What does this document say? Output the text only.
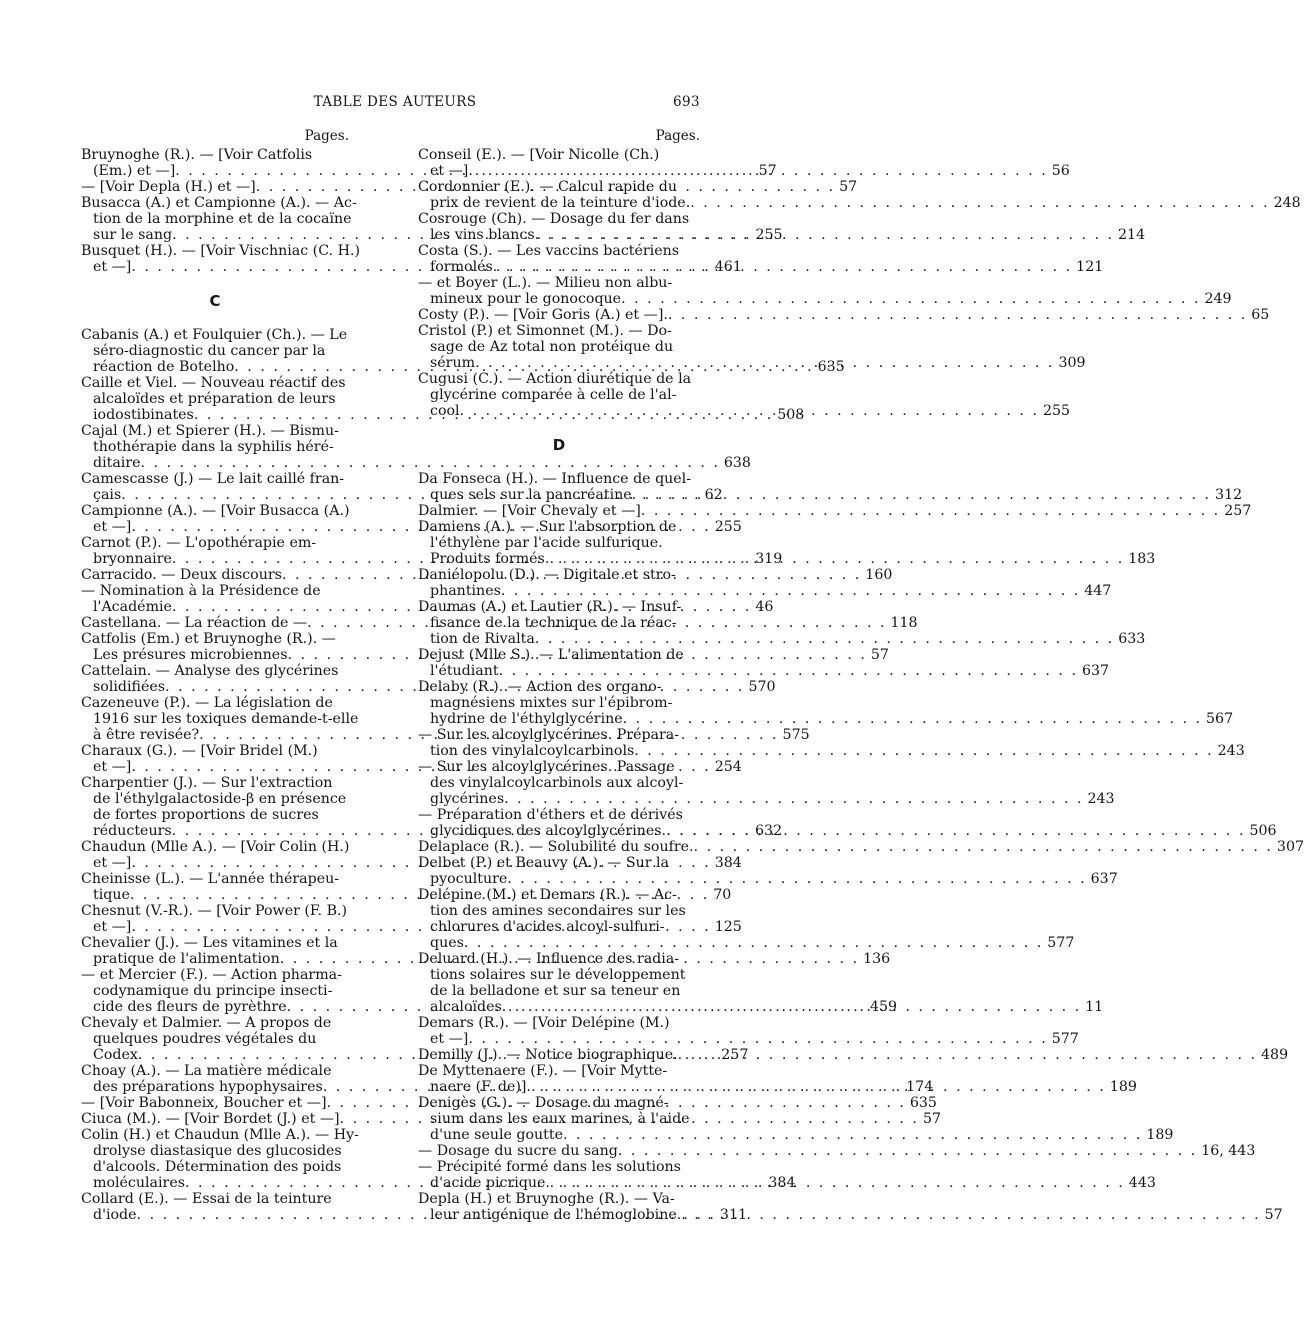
TABLE DES AUTEURS	693
Pages.
Bruynoghe (R.). — [Voir Catfolis
(Em.) et —] . . .	57
— [Voir Depla (H.) et —] . . .	57
Busacca (A.) et Campionne (A.). — Ac-
tion de la morphine et de la cocaïne
sur le sang . . .	255
Busquet (H.). — [Voir Vischniac (C. H.)
et —] . . .	461
C
Cabanis (A.) et Foulquier (Ch.). — Le
séro-diagnostic du cancer par la
réaction de Botelho . . .	635
Caille et Viel. — Nouveau réactif des
alcaloïdes et préparation de leurs
iodostibinates . . .	508
Cajal (M.) et Spierer (H.). — Bismu-
thothérapie dans la syphilis héré-
ditaire . . .	638
Camescasse (J.) — Le lait caillé fran-
çais . . .	62
Campionne (A.). — [Voir Busacca (A.)
et —] . . .	255
Carnot (P.). — L'opothérapie em-
bryonnaire . . .	319
Carracido. — Deux discours . . .	160
— Nomination à la Présidence de
l'Académie . . .	46
Castellana. — La réaction de — . . .	118
Catfolis (Em.) et Bruynoghe (R.). —
Les présures microbiennes . . .	57
Cattelain. — Analyse des glycérines
solidifiées . . .	570
Cazeneuve (P.). — La législation de
1916 sur les toxiques demande-t-elle
à être revisée? . . .	575
Charaux (G.). — [Voir Bridel (M.)
et —] . . .	254
Charpentier (J.). — Sur l'extraction
de l'éthylgalactoside-β en présence
de fortes proportions de sucres
réducteurs . . .	632
Chaudun (Mlle A.). — [Voir Colin (H.)
et —] . . .	384
Cheinisse (L.). — L'année thérapeu-
tique . . .	70
Chesnut (V.-R.). — [Voir Power (F. B.)
et —] . . .	125
Chevalier (J.). — Les vitamines et la
pratique de l'alimentation . . .	136
— et Mercier (F.). — Action pharma-
codynamique du principe insecti-
cide des fleurs de pyrèthre . . .	459
Chevaly et Dalmier. — A propos de
quelques poudres végétales du
Codex . . .	257
Choay (A.). — La matière médicale
des préparations hypophysaires . . .	174
— [Voir Babonneix, Boucher et —] . . .	635
Ciuca (M.). — [Voir Bordet (J.) et —] . . .	57
Colin (H.) et Chaudun (Mlle A.). — Hy-
drolyse diastasique des glucosides
d'alcools. Détermination des poids
moléculaires . . .	384
Collard (E.). — Essai de la teinture
d'iode . . .	311
Pages.
Conseil (E.). — [Voir Nicolle (Ch.)
et —] . . .	56
Cordonnier (E.). — Calcul rapide du
prix de revient de la teinture d'iode. . . .	248
Cosrouge (Ch). — Dosage du fer dans
les vins blancs . . .	214
Costa (S.). — Les vaccins bactériens
formolés . . .	121
— et Boyer (L.). — Milieu non albu-
mineux pour le gonocoque . . .	249
Costy (P.). — [Voir Goris (A.) et —]. . . .	65
Cristol (P.) et Simonnet (M.). — Do-
sage de Az total non protéique du
sérum . . .	309
Cugusi (C.). — Action diurétique de la
glycérine comparée à celle de l'al-
cool . . .	255
D
Da Fonseca (H.). — Influence de quel-
ques sels sur la pancréatine . . .	312
Dalmier. — [Voir Chevaly et —] . . .	257
Damiens (A.). — Sur l'absorption de
l'éthylène par l'acide sulfurique.
Produits formés . . .	183
Daniélopolu (D.). — Digitale et stro-
phantines . . .	447
Daumas (A.) et Lautier (R.). — Insuf-
fisance de la technique de la réac-
tion de Rivalta . . .	633
Dejust (Mlle S.). — L'alimentation de
l'étudiant . . .	637
Delaby (R.). — Action des organo-
magnésiens mixtes sur l'épibrom-
hydrine de l'éthylglycérine . . .	567
— Sur les alcoylglycérines. Prépara-
tion des vinylalcoylcarbinols . . .	243
— Sur les alcoylglycérines. Passage
des vinylalcoylcarbinols aux alcoyl-
glycérines . . .	243
— Préparation d'éthers et de dérivés
glycidiques des alcoylglycérines. . . .	506
Delaplace (R.). — Solubilité du soufre. . . .	307
Delbet (P.) et Beauvy (A.). — Sur la
pyoculture . . .	637
Delépine (M.) et Demars (R.). — Ac-
tion des amines secondaires sur les
chlorures d'acides alcoyl-sulfuri-
ques . . .	577
Deluard (H.). — Influence des radia-
tions solaires sur le développement
de la belladone et sur sa teneur en
alcaloïdes . . .	11
Demars (R.). — [Voir Delépine (M.)
et —] . . .	577
Demilly (J.). — Notice biographique. . . .	489
De Myttenaere (F.). — [Voir Mytte-
naere (F. de)] . . .	189
Denigès (G.). — Dosage du magné-
sium dans les eaux marines, à l'aide
d'une seule goutte . . .	189
— Dosage du sucre du sang . . .	16, 443
— Précipité formé dans les solutions
d'acide picrique . . .	443
Depla (H.) et Bruynoghe (R.). — Va-
leur antigénique de l'hémoglobine. . . .	57
